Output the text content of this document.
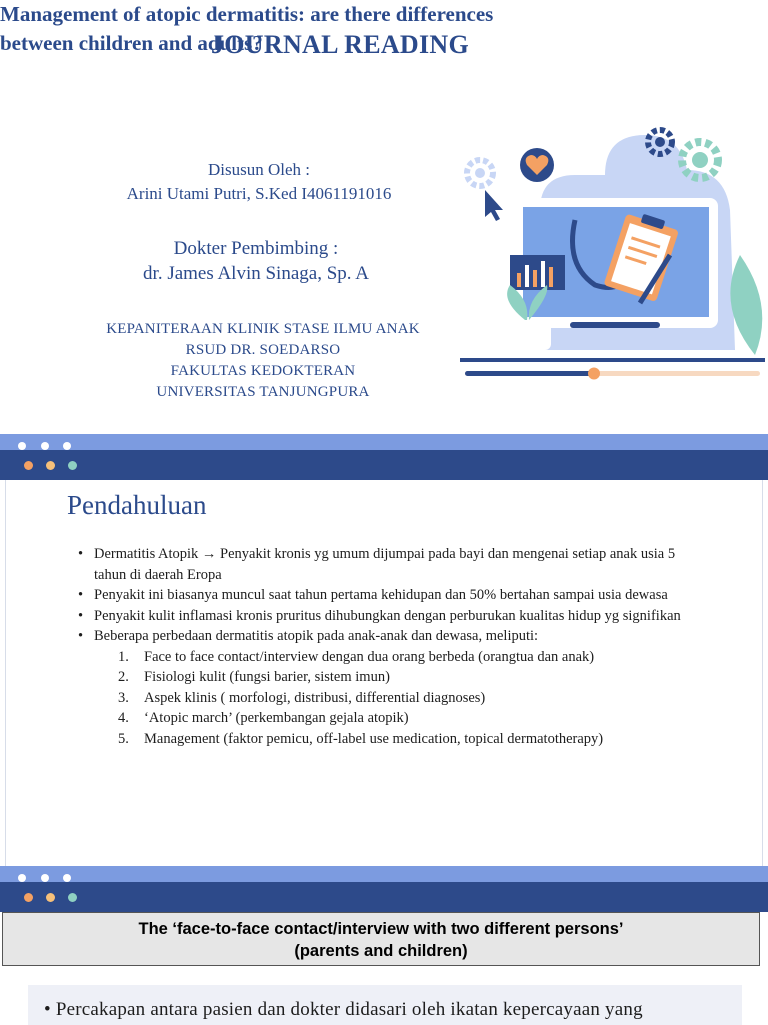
JOURNAL READING
Management of atopic dermatitis: are there differences
between children and adults?
Disusun Oleh :
Arini Utami Putri, S.Ked I4061191016
Dokter Pembimbing :
dr. James Alvin Sinaga, Sp. A
KEPANITERAAN KLINIK STASE ILMU ANAK
RSUD DR. SOEDARSO
FAKULTAS KEDOKTERAN
UNIVERSITAS TANJUNGPURA
Pendahuluan
• Dermatitis Atopik → Penyakit kronis yg umum dijumpai pada bayi dan mengenai setiap anak usia 5 tahun di daerah Eropa
• Penyakit ini biasanya muncul saat tahun pertama kehidupan dan 50% bertahan sampai usia dewasa
• Penyakit kulit inflamasi kronis pruritus dihubungkan dengan perburukan kualitas hidup yg signifikan
• Beberapa perbedaan dermatitis atopik pada anak-anak dan dewasa, meliputi:
1. Face to face contact/interview dengan dua orang berbeda (orangtua dan anak)
2. Fisiologi kulit (fungsi barier, sistem imun)
3. Aspek klinis ( morfologi, distribusi, differential diagnoses)
4. ‘Atopic march’ (perkembangan gejala atopik)
5. Management (faktor pemicu, off-label use medication, topical dermatotherapy)
The ‘face-to-face contact/interview with two different persons’
(parents and children)

• Percakapan antara pasien dan dokter didasari oleh ikatan kepercayaan yang
